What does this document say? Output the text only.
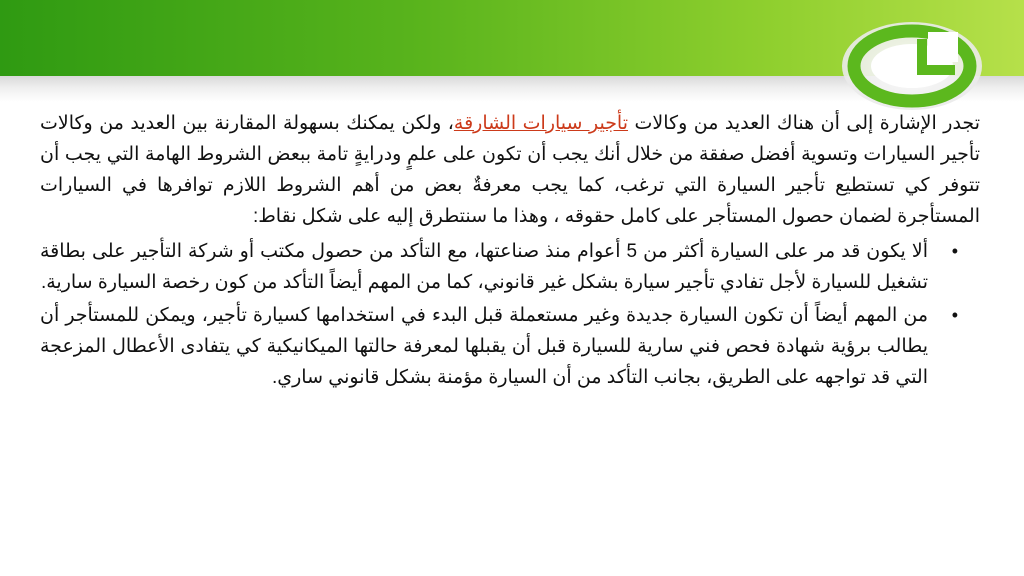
تجدر الإشارة إلى أن هناك العديد من وكالات تأجير سيارات الشارقة، ولكن يمكنك بسهولة المقارنة بين العديد من وكالات تأجير السيارات وتسوية أفضل صفقة من خلال أنك يجب أن تكون على علمٍ ودرايةٍ تامة ببعض الشروط الهامة التي يجب أن تتوفر كي تستطيع تأجير السيارة التي ترغب، كما يجب معرفةٌ بعض من أهم الشروط اللازم توافرها في السيارات المستأجرة لضمان حصول المستأجر على كامل حقوقه ، وهذا ما سنتطرق إليه على شكل نقاط:

•
ألا يكون قد مر على السيارة أكثر من 5 أعوام منذ صناعتها، مع التأكد من حصول مكتب أو شركة التأجير على بطاقة تشغيل للسيارة لأجل تفادي تأجير سيارة بشكل غير قانوني، كما من المهم أيضاً التأكد من كون رخصة السيارة سارية.
•
من المهم أيضاً أن تكون السيارة جديدة وغير مستعملة قبل البدء في استخدامها كسيارة تأجير، ويمكن للمستأجر أن يطالب برؤية شهادة فحص فني سارية للسيارة قبل أن يقبلها لمعرفة حالتها الميكانيكية كي يتفادى الأعطال المزعجة التي قد تواجهه على الطريق، بجانب التأكد من أن السيارة مؤمنة بشكل قانوني ساري.
